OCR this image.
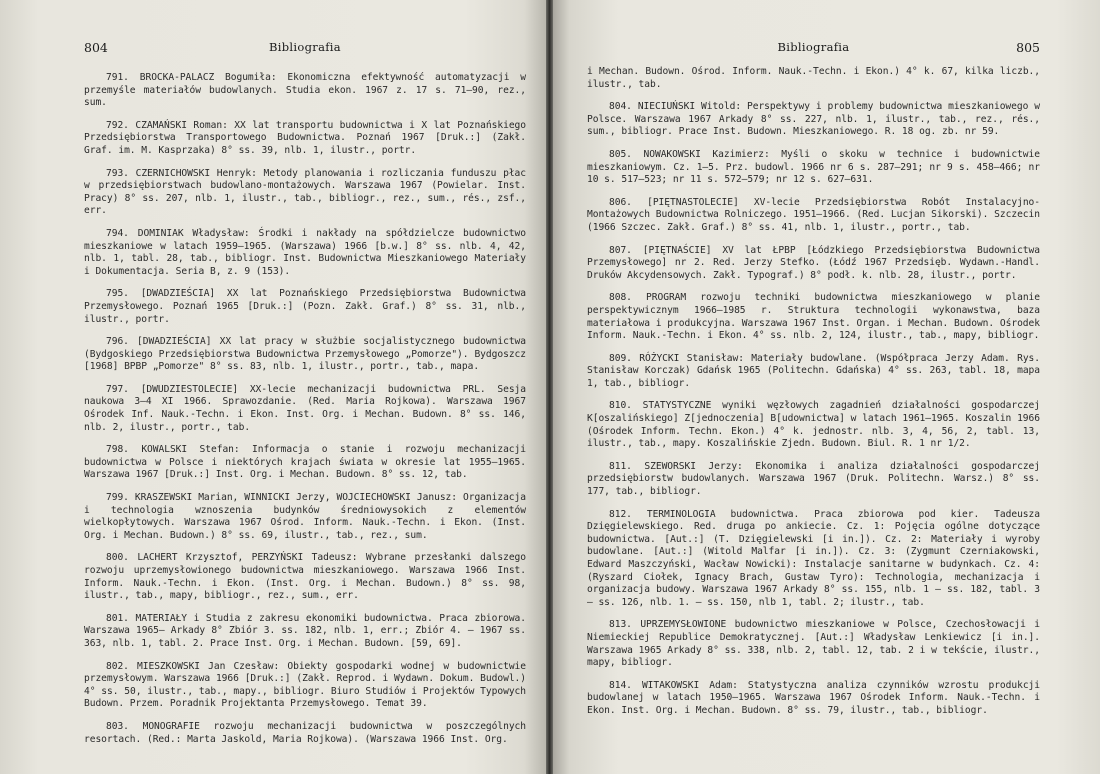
804	Bibliografia

791. BROCKA-PALACZ Bogumiła: Ekonomiczna efektywność automatyzacji w przemyśle materiałów budowlanych. Studia ekon. 1967 z. 17 s. 71—90, rez., sum.

792. CZAMAŃSKI Roman: XX lat transportu budownictwa i X lat Poznańskiego Przedsiębiorstwa Transportowego Budownictwa. Poznań 1967 [Druk.:] (Zakł. Graf. im. M. Kasprzaka) 8° ss. 39, nlb. 1, ilustr., portr.

793. CZERNICHOWSKI Henryk: Metody planowania i rozliczania funduszu płac w przedsiębiorstwach budowlano-montażowych. Warszawa 1967 (Powielar. Inst. Pracy) 8° ss. 207, nlb. 1, ilustr., tab., bibliogr., rez., sum., rés., zsf., err.

794. DOMINIAK Władysław: Środki i nakłady na spółdzielcze budownictwo mieszkaniowe w latach 1959—1965. (Warszawa) 1966 [b.w.] 8° ss. nlb. 4, 42, nlb. 1, tabl. 28, tab., bibliogr. Inst. Budownictwa Mieszkaniowego Materiały i Dokumentacja. Seria B, z. 9 (153).

795. [DWADZIEŚCIA] XX lat Poznańskiego Przedsiębiorstwa Budownictwa Przemysłowego. Poznań 1965 [Druk.:] (Pozn. Zakł. Graf.) 8° ss. 31, nlb., ilustr., portr.

796. [DWADZIEŚCIA] XX lat pracy w służbie socjalistycznego budownictwa (Bydgoskiego Przedsiębiorstwa Budownictwa Przemysłowego „Pomorze"). Bydgoszcz [1968] BPBP „Pomorze" 8° ss. 83, nlb. 1, ilustr., portr., tab., mapa.

797. [DWUDZIESTOLECIE] XX-lecie mechanizacji budownictwa PRL. Sesja naukowa 3—4 XI 1966. Sprawozdanie. (Red. Maria Rojkowa). Warszawa 1967 Ośrodek Inf. Nauk.-Techn. i Ekon. Inst. Org. i Mechan. Budown. 8° ss. 146, nlb. 2, ilustr., portr., tab.

798. KOWALSKI Stefan: Informacja o stanie i rozwoju mechanizacji budownictwa w Polsce i niektórych krajach świata w okresie lat 1955—1965. Warszawa 1967 [Druk.:] Inst. Org. i Mechan. Budown. 8° ss. 12, tab.

799. KRASZEWSKI Marian, WINNICKI Jerzy, WOJCIECHOWSKI Janusz: Organizacja i technologia wznoszenia budynków średniowysokich z elementów wielkopłytowych. Warszawa 1967 Ośrod. Inform. Nauk.-Techn. i Ekon. (Inst. Org. i Mechan. Budown.) 8° ss. 69, ilustr., tab., rez., sum.

800. LACHERT Krzysztof, PERZYŃSKI Tadeusz: Wybrane przesłanki dalszego rozwoju uprzemysłowionego budownictwa mieszkaniowego. Warszawa 1966 Inst. Inform. Nauk.-Techn. i Ekon. (Inst. Org. i Mechan. Budown.) 8° ss. 98, ilustr., tab., mapy, bibliogr., rez., sum., err.

801. MATERIAŁY i Studia z zakresu ekonomiki budownictwa. Praca zbiorowa. Warszawa 1965— Arkady 8° Zbiór 3. ss. 182, nlb. 1, err.; Zbiór 4. — 1967 ss. 363, nlb. 1, tabl. 2. Prace Inst. Org. i Mechan. Budown. [59, 69].

802. MIESZKOWSKI Jan Czesław: Obiekty gospodarki wodnej w budownictwie przemysłowym. Warszawa 1966 [Druk.:] (Zakł. Reprod. i Wydawn. Dokum. Budowl.) 4° ss. 50, ilustr., tab., mapy., bibliogr. Biuro Studiów i Projektów Typowych Budown. Przem. Poradnik Projektanta Przemysłowego. Temat 39.

803. MONOGRAFIE rozwoju mechanizacji budownictwa w poszczególnych resortach. (Red.: Marta Jaskold, Maria Rojkowa). (Warszawa 1966 Inst. Org.

Bibliografia	805

i Mechan. Budown. Ośrod. Inform. Nauk.-Techn. i Ekon.) 4° k. 67, kilka liczb., ilustr., tab.

804. NIECIUŃSKI Witold: Perspektywy i problemy budownictwa mieszkaniowego w Polsce. Warszawa 1967 Arkady 8° ss. 227, nlb. 1, ilustr., tab., rez., rés., sum., bibliogr. Prace Inst. Budown. Mieszkaniowego. R. 18 og. zb. nr 59.

805. NOWAKOWSKI Kazimierz: Myśli o skoku w technice i budownictwie mieszkaniowym. Cz. 1—5. Prz. budowl. 1966 nr 6 s. 287—291; nr 9 s. 458—466; nr 10 s. 517—523; nr 11 s. 572—579; nr 12 s. 627—631.

806. [PIĘTNASTOLECIE] XV-lecie Przedsiębiorstwa Robót Instalacyjno-Montażowych Budownictwa Rolniczego. 1951—1966. (Red. Lucjan Sikorski). Szczecin (1966 Szczec. Zakł. Graf.) 8° ss. 41, nlb. 1, ilustr., portr., tab.

807. [PIĘTNAŚCIE] XV lat ŁPBP [Łódzkiego Przedsiębiorstwa Budownictwa Przemysłowego] nr 2. Red. Jerzy Stefko. (Łódź 1967 Przedsięb. Wydawn.-Handl. Druków Akcydensowych. Zakł. Typograf.) 8° podł. k. nlb. 28, ilustr., portr.

808. PROGRAM rozwoju techniki budownictwa mieszkaniowego w planie perspektywicznym 1966—1985 r. Struktura technologii wykonawstwa, baza materiałowa i produkcyjna. Warszawa 1967 Inst. Organ. i Mechan. Budown. Ośrodek Inform. Nauk.-Techn. i Ekon. 4° ss. nlb. 2, 124, ilustr., tab., mapy, bibliogr.

809. RÓŻYCKI Stanisław: Materiały budowlane. (Współpraca Jerzy Adam. Rys. Stanisław Korczak) Gdańsk 1965 (Politechn. Gdańska) 4° ss. 263, tabl. 18, mapa 1, tab., bibliogr.

810. STATYSTYCZNE wyniki węzłowych zagadnień działalności gospodarczej K[oszalińskiego] Z[jednoczenia] B[udownictwa] w latach 1961—1965. Koszalin 1966 (Ośrodek Inform. Techn. Ekon.) 4° k. jednostr. nlb. 3, 4, 56, 2, tabl. 13, ilustr., tab., mapy. Koszalińskie Zjedn. Budown. Biul. R. 1 nr 1/2.

811. SZEWORSKI Jerzy: Ekonomika i analiza działalności gospodarczej przedsiębiorstw budowlanych. Warszawa 1967 (Druk. Politechn. Warsz.) 8° ss. 177, tab., bibliogr.

812. TERMINOLOGIA budownictwa. Praca zbiorowa pod kier. Tadeusza Dzięgielewskiego. Red. druga po ankiecie. Cz. 1: Pojęcia ogólne dotyczące budownictwa. [Aut.:] (T. Dzięgielewski [i in.]). Cz. 2: Materiały i wyroby budowlane. [Aut.:] (Witold Malfar [i in.]). Cz. 3: (Zygmunt Czerniakowski, Edward Maszczyński, Wacław Nowicki): Instalacje sanitarne w budynkach. Cz. 4: (Ryszard Ciołek, Ignacy Brach, Gustaw Tyro): Technologia, mechanizacja i organizacja budowy. Warszawa 1967 Arkady 8° ss. 155, nlb. 1 — ss. 182, tabl. 3 — ss. 126, nlb. 1. — ss. 150, nlb 1, tabl. 2; ilustr., tab.

813. UPRZEMYSŁOWIONE budownictwo mieszkaniowe w Polsce, Czechosłowacji i Niemieckiej Republice Demokratycznej. [Aut.:] Władysław Lenkiewicz [i in.]. Warszawa 1965 Arkady 8° ss. 338, nlb. 2, tabl. 12, tab. 2 i w tekście, ilustr., mapy, bibliogr.

814. WITAKOWSKI Adam: Statystyczna analiza czynników wzrostu produkcji budowlanej w latach 1950—1965. Warszawa 1967 Ośrodek Inform. Nauk.-Techn. i Ekon. Inst. Org. i Mechan. Budown. 8° ss. 79, ilustr., tab., bibliogr.
